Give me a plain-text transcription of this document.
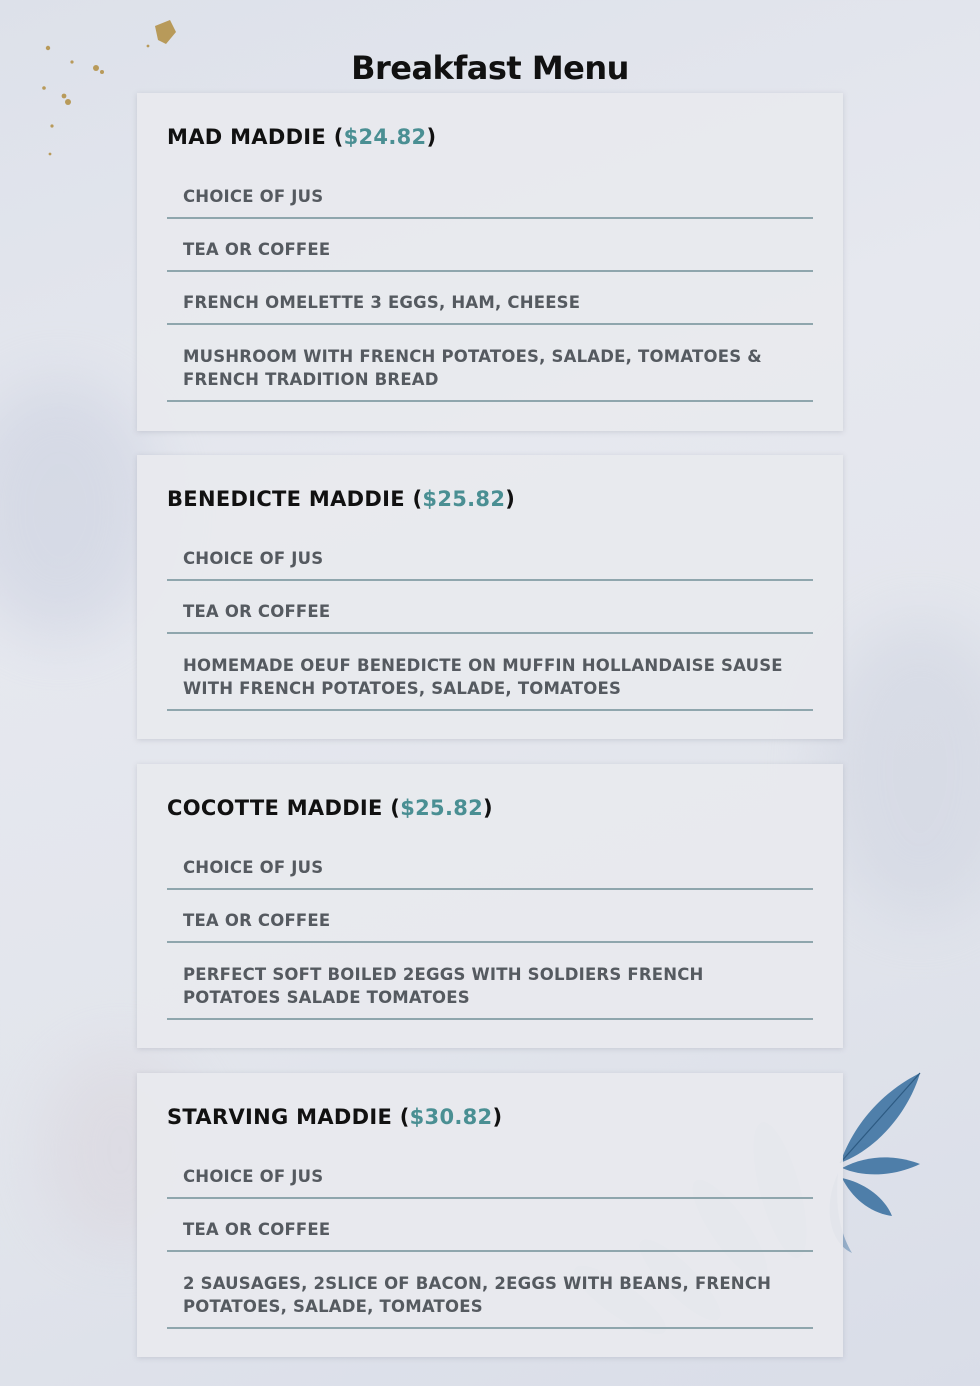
Breakfast Menu
MAD MADDIE ($24.82)
CHOICE OF JUS
TEA OR COFFEE
FRENCH OMELETTE 3 EGGS, HAM, CHEESE
MUSHROOM WITH FRENCH POTATOES, SALADE, TOMATOES & FRENCH TRADITION BREAD
BENEDICTE MADDIE ($25.82)
CHOICE OF JUS
TEA OR COFFEE
HOMEMADE OEUF BENEDICTE ON MUFFIN HOLLANDAISE SAUSE WITH FRENCH POTATOES, SALADE, TOMATOES
COCOTTE MADDIE ($25.82)
CHOICE OF JUS
TEA OR COFFEE
PERFECT SOFT BOILED 2EGGS WITH SOLDIERS FRENCH POTATOES SALADE TOMATOES
STARVING MADDIE ($30.82)
CHOICE OF JUS
TEA OR COFFEE
2 SAUSAGES, 2SLICE OF BACON, 2EGGS WITH BEANS, FRENCH POTATOES, SALADE, TOMATOES
